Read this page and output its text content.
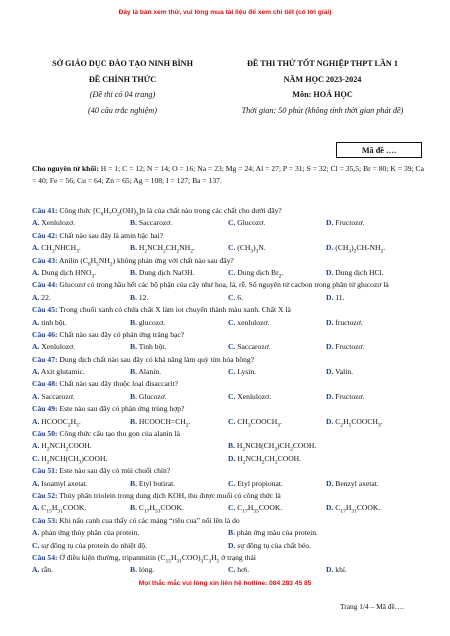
Đây là bản xem thử, vui lòng mua tài liệu để xem chi tiết (có lời giải)
SỞ GIÁO DỤC ĐÀO TẠO NINH BÌNH
ĐỀ CHÍNH THỨC
(Đề thi có 04 trang)
(40 câu trắc nghiệm)
ĐỀ THI THỬ TỐT NGHIỆP THPT LẦN 1
NĂM HỌC 2023-2024
Môn: HOÁ HỌC
Thời gian: 50 phút (không tính thời gian phát đề)
Mã đề ….
Cho nguyên tử khối: H = 1; C = 12; N = 14; O = 16; Na = 23; Mg = 24; Al = 27; P = 31; S = 32; Cl = 35,5; Br = 80; K = 39; Ca = 40; Fe = 56; Cu = 64; Zn = 65; Ag = 108; I = 127; Ba = 137.
Câu 41: Công thức $[C_6H_7O_2(OH)_3]n$ là của chất nào trong các chất cho dưới đây?
A. Xenlulozơ.	B. Saccarozơ.	C. Glucozơ.	D. Fructozơ.
Câu 42: Chất nào sau đây là amin bậc hai?
A. $CH_3NHCH_3$.	B. $H_2NCH_2CH_2NH_2$.	C. $(CH_3)_3N$.	D. $(CH_3)_2CH-NH_2$.
Câu 43: Anilin $(C_6H_5NH_2)$ không phản ứng với chất nào sau đây?
A. Dung dịch $HNO_3$.	B. Dung dịch NaOH.	C. Dung dịch $Br_2$.	D. Dung dịch HCl.
Câu 44: Glucozơ có trong hầu hết các bộ phận của cây như hoa, lá, rễ. Số nguyên tử cacbon trong phân tử glucozơ là
A. 22.	B. 12.	C. 6.	D. 11.
Câu 45: Trong chuối xanh có chứa chất X làm iot chuyển thành màu xanh. Chất X là
A. tinh bột.	B. glucozơ.	C. xenlulozơ.	D. fructozơ.
Câu 46: Chất nào sau đây có phản ứng tráng bạc?
A. Xenlulozơ.	B. Tinh bột.	C. Saccarozơ.	D. Fructozơ.
Câu 47: Dung dịch chất nào sau đây có khả năng làm quỳ tím hóa hồng?
A. Axit glutamic.	B. Alanin.	C. Lysin.	D. Valin.
Câu 48: Chất nào sau đây thuộc loại đisaccarit?
A. Saccarozơ.	B. Glucozơ.	C. Xenlulozơ.	D. Fructozơ.
Câu 49: Este nào sau đây có phản ứng trùng hợp?
A. $HCOOC_2H_5$.	B. $HCOOCH=CH_2$.	C. $CH_3COOCH_3$.	D. $C_2H_5COOCH_3$.
Câu 50: Công thức cấu tạo thu gọn của alanin là
A. $H_2NCH_2COOH$.	B. $H_2NCH(CH_3)CH_2COOH$.
C. $H_2NCH(CH_3)COOH$.	D. $H_2NCH_2CH_2COOH$.
Câu 51: Este nào sau đây có mùi chuối chín?
A. Isoamyl axetat.	B. Etyl butirat.	C. Etyl propionat.	D. Benzyl axetat.
Câu 52: Thủy phân triolein trong dung dịch KOH, thu được muối có công thức là
A. $C_{15}H_{31}COOK$.	B. $C_{17}H_{33}COOK$.	C. $C_{17}H_{35}COOK$.	D. $C_{17}H_{31}COOK$.
Câu 53: Khi nấu canh cua thấy có các mảng “riêu cua” nổi lên là do
A. phản ứng thủy phân của protein.	B. phản ứng màu của protein.
C. sự đông tụ của protein do nhiệt độ.	D. sự đông tụ của chất béo.
Câu 54: Ở điều kiện thường, tripanmitin $(C_{15}H_{31}COO)_3C_3H_5$ ở trạng thái
A. rắn.	B. lỏng.	C. hơi.	D. khí.
Mọi thắc mắc vui lòng xin liên hệ hotline: 084 283 45 85
Trang 1/4 – Mã đề….
